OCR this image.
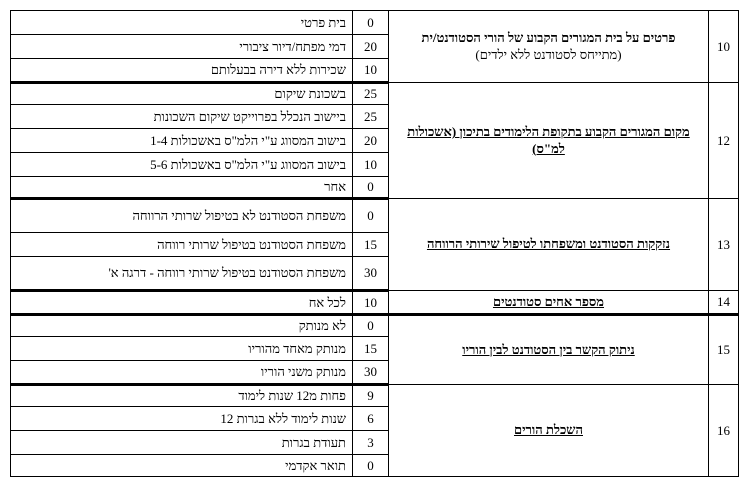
10	פרטים על בית המגורים הקבוע של הורי הסטודנט/ית
(מתייחס לסטודנט ללא ילדים)	0	בית פרטי
		20	דמי מפתח/דיור ציבורי
		10	שכירות ללא דירה בבעלותם
12	מקום המגורים הקבוע בתקופת הלימודים בתיכון (אשכולות למ"ס)	25	בשכונת שיקום
		25	ביישוב הנכלל בפרוייקט שיקום השכונות
		20	בישוב המסווג ע"י הלמ"ס באשכולות 1-4
		10	בישוב המסווג ע"י הלמ"ס באשכולות 5-6
		0	אחר
13	נזקקות הסטודנט ומשפחתו לטיפול שירותי הרווחה	0	משפחת הסטודנט לא בטיפול שרותי הרווחה
		15	משפחת הסטודנט בטיפול שרותי רווחה
		30	משפחת הסטודנט בטיפול שרותי רווחה - דרגה א'
14	מספר אחים סטודנטים	10	לכל אח
15	ניתוק הקשר בין הסטודנט לבין הוריו	0	לא מנותק
		15	מנותק מאחד מהוריו
		30	מנותק משני הוריו
16	השכלת הורים	9	פחות מ12 שנות לימוד
		6	שנות לימוד ללא בגרות 12
		3	תעודת בגרות
		0	תואר אקדמי
